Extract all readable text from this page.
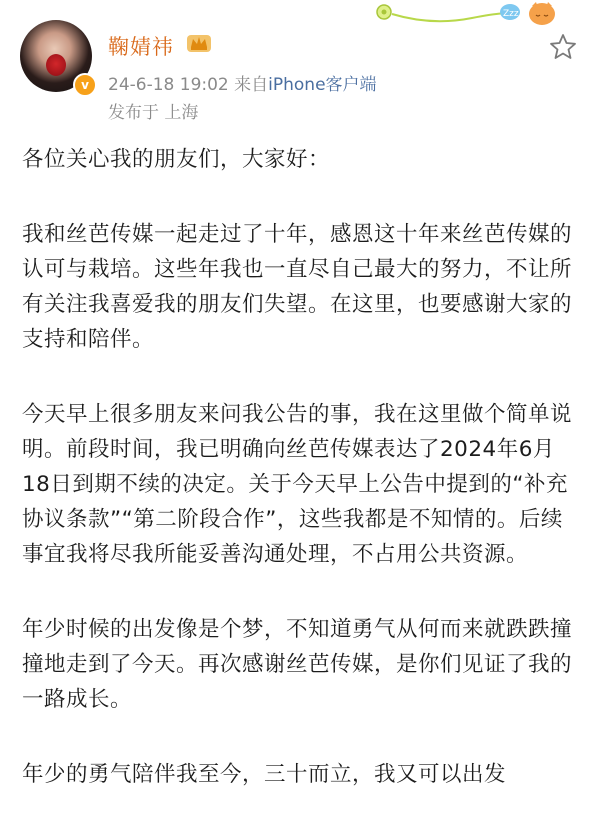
v
鞠婧祎
24-6-18 19:02 来自iPhone客户端
发布于 上海
Zzz

各位关心我的朋友们，大家好：

我和丝芭传媒一起走过了十年，感恩这十年来丝芭传媒的认可与栽培。这些年我也一直尽自己最大的努力，不让所有关注我喜爱我的朋友们失望。在这里，也要感谢大家的支持和陪伴。

今天早上很多朋友来问我公告的事，我在这里做个简单说明。前段时间，我已明确向丝芭传媒表达了2024年6月18日到期不续的决定。关于今天早上公告中提到的“补充协议条款”“第二阶段合作”，这些我都是不知情的。后续事宜我将尽我所能妥善沟通处理，不占用公共资源。

年少时候的出发像是个梦，不知道勇气从何而来就跌跌撞撞地走到了今天。再次感谢丝芭传媒，是你们见证了我的一路成长。

年少的勇气陪伴我至今，三十而立，我又可以出发
